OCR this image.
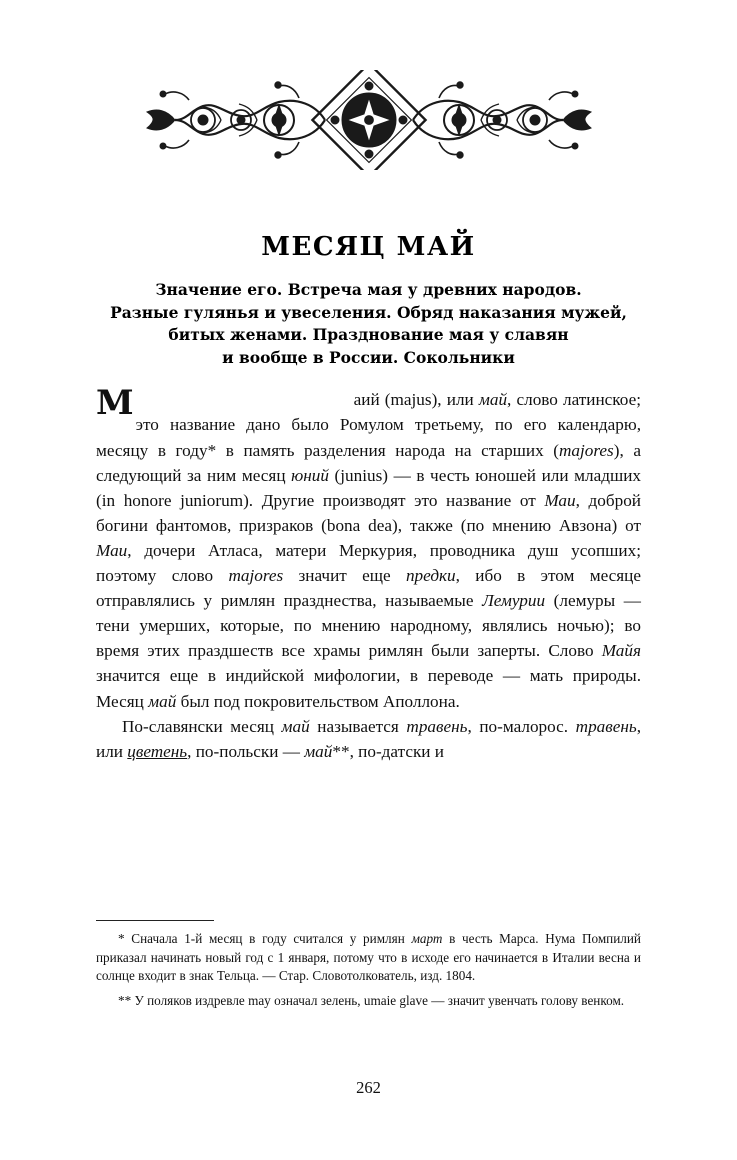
МЕСЯЦ МАЙ
Значение его. Встреча мая у древних народов.
Разные гулянья и увеселения. Обряд наказания мужей,
битых женами. Празднование мая у славян
и вообще в России. Сокольники

М	аий (majus), или май, слово латинское; это название дано было Ромулом третьему, по его календарю, месяцу в году* в память разделения народа на старших (majores), а следующий за ним месяц юний (junius) — в честь юношей или младших (in honore juniorum). Другие производят это название от Маи, доброй богини фантомов, призраков (bona dea), также (по мнению Авзона) от Маи, дочери Атласа, матери Меркурия, проводника душ усопших; поэтому слово majores значит еще предки, ибо в этом месяце отправлялись у римлян празднества, называемые Лемурии (лемуры — тени умерших, которые, по мнению народному, являлись ночью); во время этих праздшеств все храмы римлян были заперты. Слово Майя значится еще в индийской мифологии, в переводе — мать природы. Месяц май был под покровительством Аполлона.

По-славянски месяц май называется травень, по-малорос. травень, или цветень, по-польски — май**, по-датски и

* Сначала 1-й месяц в году считался у римлян март в честь Марса. Нума Помпилий приказал начинать новый год с 1 января, потому что в исходе его начинается в Италии весна и солнце входит в знак Тельца. — Стар. Словотолкователь, изд. 1804.

** У поляков издревле may означал зелень, umaie glave — значит увенчать голову венком.

262
